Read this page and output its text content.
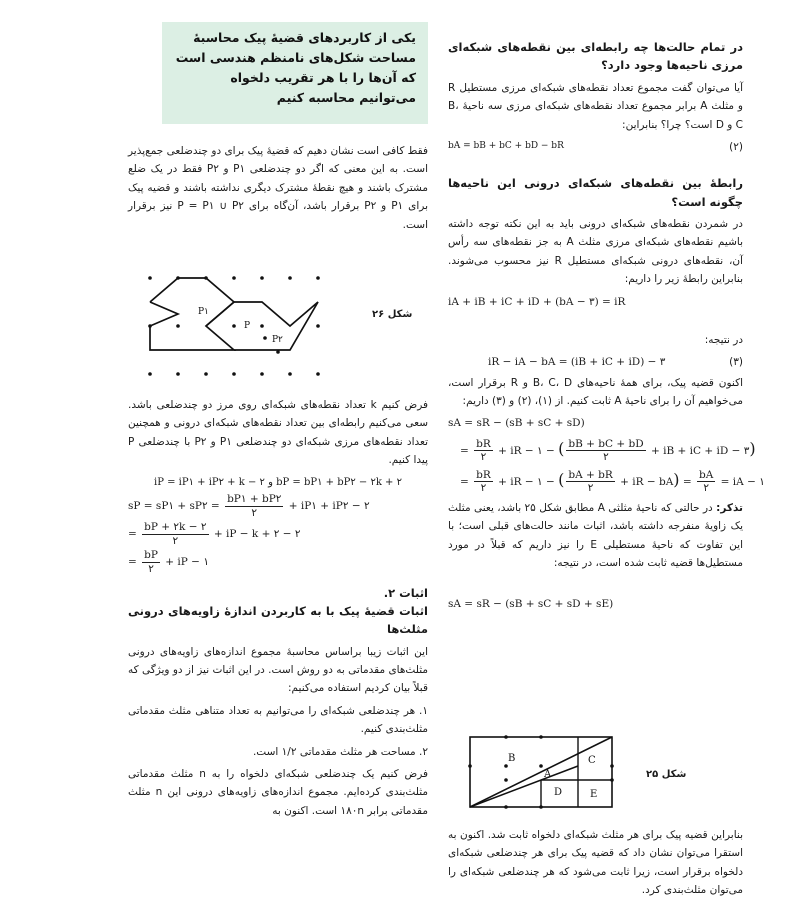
در تمام حالت‌ها چه رابطه‌ای بین نقطه‌های شبکه‌ای مرزی ناحیه‌ها وجود دارد؟

آیا می‌توان گفت مجموع تعداد نقطه‌های شبکه‌ای مرزی مستطیل R و مثلث A برابر مجموع تعداد نقطه‌های شبکه‌ای مرزی سه ناحیهٔ B، C و D است؟ چرا؟ بنابراین:

bA = bB + bC + bD − bR	(۲)
رابطهٔ بین نقطه‌های شبکه‌ای درونی این ناحیه‌ها چگونه است؟

در شمردن نقطه‌های شبکه‌ای درونی باید به این نکته توجه داشته باشیم نقطه‌های شبکه‌ای مرزی مثلث A به جز نقطه‌های سه رأس آن، نقطه‌های درونی شبکه‌ای مستطیل R نیز محسوب می‌شوند. بنابراین رابطهٔ زیر را داریم:

iA + iB + iC + iD + (bA − ۳) = iR

در نتیجه:

iR − iA − bA = (iB + iC + iD) − ۳	(۳)

اکنون قضیه پیک، برای همهٔ ناحیه‌های B، C، D و R برقرار است، می‌خواهیم آن را برای ناحیهٔ A ثابت کنیم. از (۱)، (۲) و (۳) داریم:

sA = sR − (sB + sC + sD)
= $\frac{bR}{۲}$ + iR − ۱ − ( $\frac{bB + bC + bD}{۲}$ + iB + iC + iD − ۳)
= $\frac{bR}{۲}$ + iR − ۱ − ( $\frac{bA + bR}{۲}$ + iR − $bA) = \frac{bA}{۲}$ = iA − ۱

تذکر: در حالتی که ناحیهٔ مثلثی A مطابق شکل ۲۵ باشد، یعنی مثلث یک زاویهٔ منفرجه داشته باشد، اثبات مانند حالت‌های قبلی است؛ با این تفاوت که ناحیهٔ مستطیلی E را نیز داریم که قبلاً در مورد مستطیل‌ها قضیه ثابت شده است، در نتیجه:

sA = sR − (sB + sC + sD + sE)
B
A
C
D	E
شکل ۲۵

بنابراین قضیه پیک برای هر مثلث شبکه‌ای دلخواه ثابت شد. اکنون به استقرا می‌توان نشان داد که قضیه پیک برای هر چندضلعی شبکه‌ای دلخواه برقرار است، زیرا ثابت می‌شود که هر چندضلعی شبکه‌ای را می‌توان مثلث‌بندی کرد.

یکی از کاربردهای قضیهٔ پیک محاسبهٔ مساحت شکل‌های نامنظم هندسی است که آن‌ها را با هر تقریب دلخواه می‌توانیم محاسبه کنیم

فقط کافی است نشان دهیم که قضیهٔ پیک برای دو چندضلعی جمع‌پذیر است. به این معنی که اگر دو چندضلعی P۱ و P۲ فقط در یک ضلع مشترک باشند و هیچ نقطهٔ مشترک دیگری نداشته باشند و قضیه پیک برای P۱ و P۲ برقرار باشد، آن‌گاه برای P = P۱ ∪ P۲ نیز برقرار است.

P۱
P
P۲
شکل ۲۶

فرض کنیم k تعداد نقطه‌های شبکه‌ای روی مرز دو چندضلعی باشد. سعی می‌کنیم رابطه‌ای بین تعداد نقطه‌های شبکه‌ای درونی و همچنین تعداد نقطه‌های مرزی شبکه‌ای دو چندضلعی P۱ و P۲ با چندضلعی P پیدا کنیم.

iP = iP۱ + iP۲ + k − ۲ و bP = bP۱ + bP۲ − ۲k + ۲
sP = sP۱ + sP۲ = $\frac{bP۱ + bP۲}{۲}$ + iP۱ + iP۲ − ۲
= $\frac{bP + ۲k - ۲}{۲}$ + iP − k + ۲ − ۲
= $\frac{bP}{۲}$ + iP − ۱
اثبات ۲.
اثبات قضیهٔ پیک با به کاربردن اندازهٔ زاویه‌های درونی مثلث‌ها

این اثبات زیبا براساس محاسبهٔ مجموع اندازه‌های زاویه‌های درونی مثلث‌های مقدماتی به دو روش است. در این اثبات نیز از دو ویژگی که قبلاً بیان کردیم استفاده می‌کنیم:

۱. هر چندضلعی شبکه‌ای را می‌توانیم به تعداد متناهی مثلث مقدماتی مثلث‌بندی کنیم.

۲. مساحت هر مثلث مقدماتی ۱/۲ است.

فرض کنیم یک چندضلعی شبکه‌ای دلخواه را به n مثلث مقدماتی مثلث‌بندی کرده‌ایم. مجموع اندازه‌های زاویه‌های درونی این n مثلث مقدماتی برابر ۱۸۰n است. اکنون به
